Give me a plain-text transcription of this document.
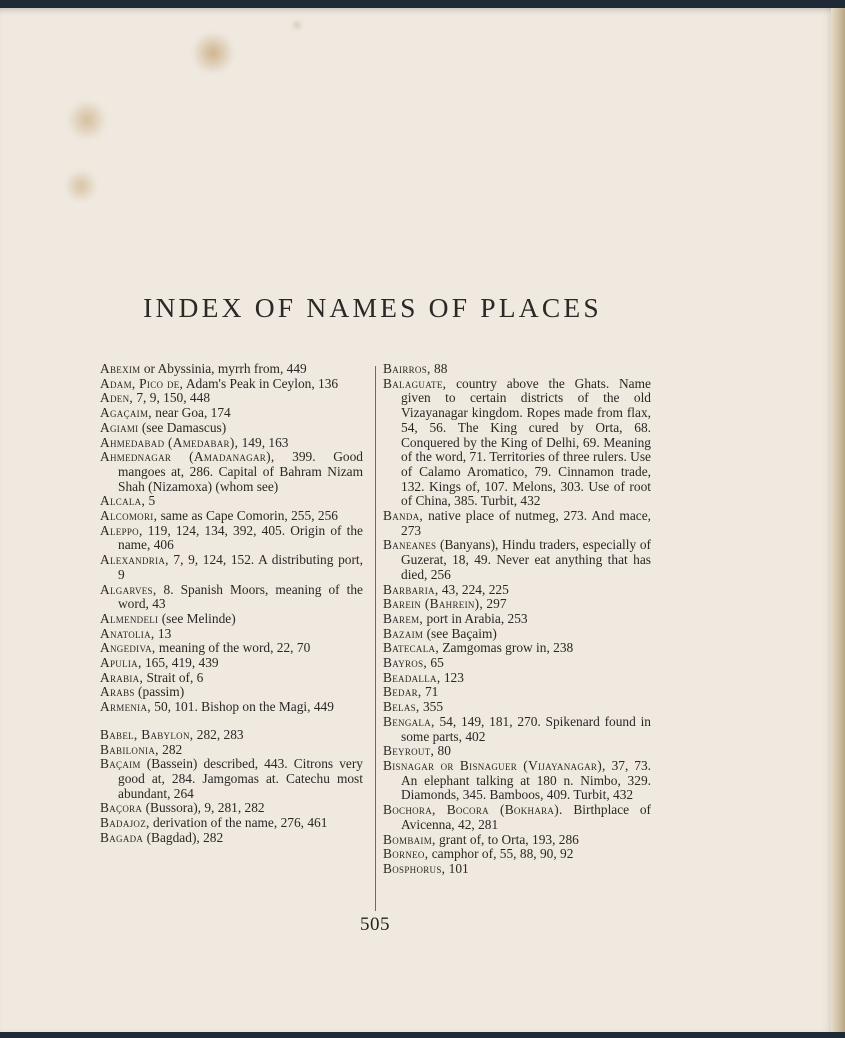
INDEX OF NAMES OF PLACES

Abexim or Abyssinia, myrrh from, 449

Adam, Pico de, Adam's Peak in Ceylon, 136

Aden, 7, 9, 150, 448

Agaçaim, near Goa, 174

Agiami (see Damascus)

Ahmedabad (Amedabar), 149, 163

Ahmednagar (Amadanagar), 399. Good mangoes at, 286. Capital of Bahram Nizam Shah (Nizamoxa) (whom see)

Alcala, 5

Alcomori, same as Cape Comorin, 255, 256

Aleppo, 119, 124, 134, 392, 405. Origin of the name, 406

Alexandria, 7, 9, 124, 152. A distributing port, 9

Algarves, 8. Spanish Moors, meaning of the word, 43

Almendeli (see Melinde)

Anatolia, 13

Angediva, meaning of the word, 22, 70

Apulia, 165, 419, 439

Arabia, Strait of, 6

Arabs (passim)

Armenia, 50, 101. Bishop on the Magi, 449

Babel, Babylon, 282, 283

Babilonia, 282

Baçaim (Bassein) described, 443. Citrons very good at, 284. Jamgomas at. Catechu most abundant, 264

Baçora (Bussora), 9, 281, 282

Badajoz, derivation of the name, 276, 461

Bagada (Bagdad), 282

Bairros, 88

Balaguate, country above the Ghats. Name given to certain districts of the old Vizayanagar kingdom. Ropes made from flax, 54, 56. The King cured by Orta, 68. Conquered by the King of Delhi, 69. Meaning of the word, 71. Territories of three rulers. Use of Calamo Aromatico, 79. Cinnamon trade, 132. Kings of, 107. Melons, 303. Use of root of China, 385. Turbit, 432

Banda, native place of nutmeg, 273. And mace, 273

Baneanes (Banyans), Hindu traders, especially of Guzerat, 18, 49. Never eat anything that has died, 256

Barbaria, 43, 224, 225

Barein (Bahrein), 297

Barem, port in Arabia, 253

Bazaim (see Baçaim)

Batecala, Zamgomas grow in, 238

Bayros, 65

Beadalla, 123

Bedar, 71

Belas, 355

Bengala, 54, 149, 181, 270. Spikenard found in some parts, 402

Beyrout, 80

Bisnagar or Bisnaguer (Vijayanagar), 37, 73. An elephant talking at 180 n. Nimbo, 329. Diamonds, 345. Bamboos, 409. Turbit, 432

Bochora, Bocora (Bokhara). Birthplace of Avicenna, 42, 281

Bombaim, grant of, to Orta, 193, 286

Borneo, camphor of, 55, 88, 90, 92

Bosphorus, 101

505
